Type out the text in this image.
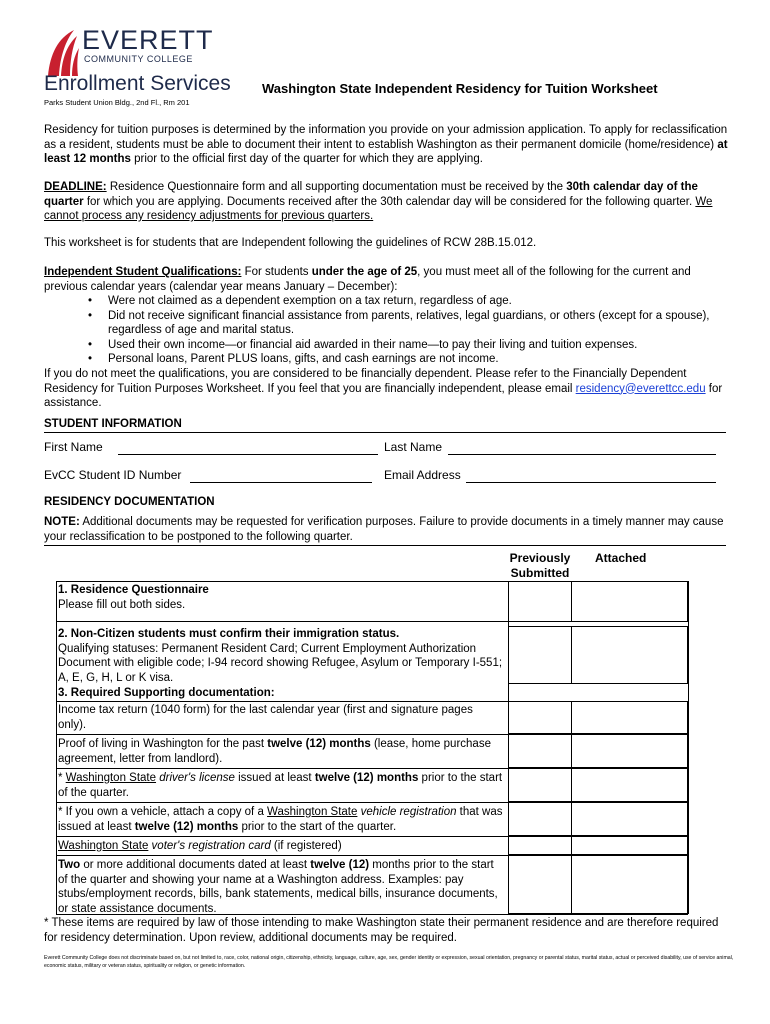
EVERETT
COMMUNITY COLLEGE
Enrollment Services
Parks Student Union Bldg., 2nd Fl., Rm 201
Washington State Independent Residency for Tuition Worksheet
Residency for tuition purposes is determined by the information you provide on your admission application. To apply for reclassification as a resident, students must be able to document their intent to establish Washington as their permanent domicile (home/residence) at least 12 months prior to the official first day of the quarter for which they are applying.
DEADLINE: Residence Questionnaire form and all supporting documentation must be received by the 30th calendar day of the quarter for which you are applying. Documents received after the 30th calendar day will be considered for the following quarter. We cannot process any residency adjustments for previous quarters.
This worksheet is for students that are Independent following the guidelines of RCW 28B.15.012.
Independent Student Qualifications: For students under the age of 25, you must meet all of the following for the current and previous calendar years (calendar year means January – December):
• Were not claimed as a dependent exemption on a tax return, regardless of age.
• Did not receive significant financial assistance from parents, relatives, legal guardians, or others (except for a spouse), regardless of age and marital status.
• Used their own income—or financial aid awarded in their name—to pay their living and tuition expenses.
• Personal loans, Parent PLUS loans, gifts, and cash earnings are not income.
If you do not meet the qualifications, you are considered to be financially dependent. Please refer to the Financially Dependent Residency for Tuition Purposes Worksheet. If you feel that you are financially independent, please email residency@everettcc.edu for assistance.
STUDENT INFORMATION
First Name	Last Name
EvCC Student ID Number	Email Address
RESIDENCY DOCUMENTATION
NOTE: Additional documents may be requested for verification purposes. Failure to provide documents in a timely manner may cause your reclassification to be postponed to the following quarter.
Previously Submitted
Attached
1. Residence Questionnaire
Please fill out both sides.
2. Non-Citizen students must confirm their immigration status.
Qualifying statuses: Permanent Resident Card; Current Employment Authorization Document with eligible code; I-94 record showing Refugee, Asylum or Temporary I-551; A, E, G, H, L or K visa.
3. Required Supporting documentation:
Income tax return (1040 form) for the last calendar year (first and signature pages only).
Proof of living in Washington for the past twelve (12) months (lease, home purchase agreement, letter from landlord).
* Washington State driver's license issued at least twelve (12) months prior to the start of the quarter.
* If you own a vehicle, attach a copy of a Washington State vehicle registration that was issued at least twelve (12) months prior to the start of the quarter.
Washington State voter's registration card (if registered)
Two or more additional documents dated at least twelve (12) months prior to the start of the quarter and showing your name at a Washington address. Examples: pay stubs/employment records, bills, bank statements, medical bills, insurance documents, or state assistance documents.
* These items are required by law of those intending to make Washington state their permanent residence and are therefore required for residency determination. Upon review, additional documents may be required.
Everett Community College does not discriminate based on, but not limited to, race, color, national origin, citizenship, ethnicity, language, culture, age, sex, gender identity or expression, sexual orientation, pregnancy or parental status, marital status, actual or perceived disability, use of service animal, economic status, military or veteran status, spirituality or religion, or genetic information.
